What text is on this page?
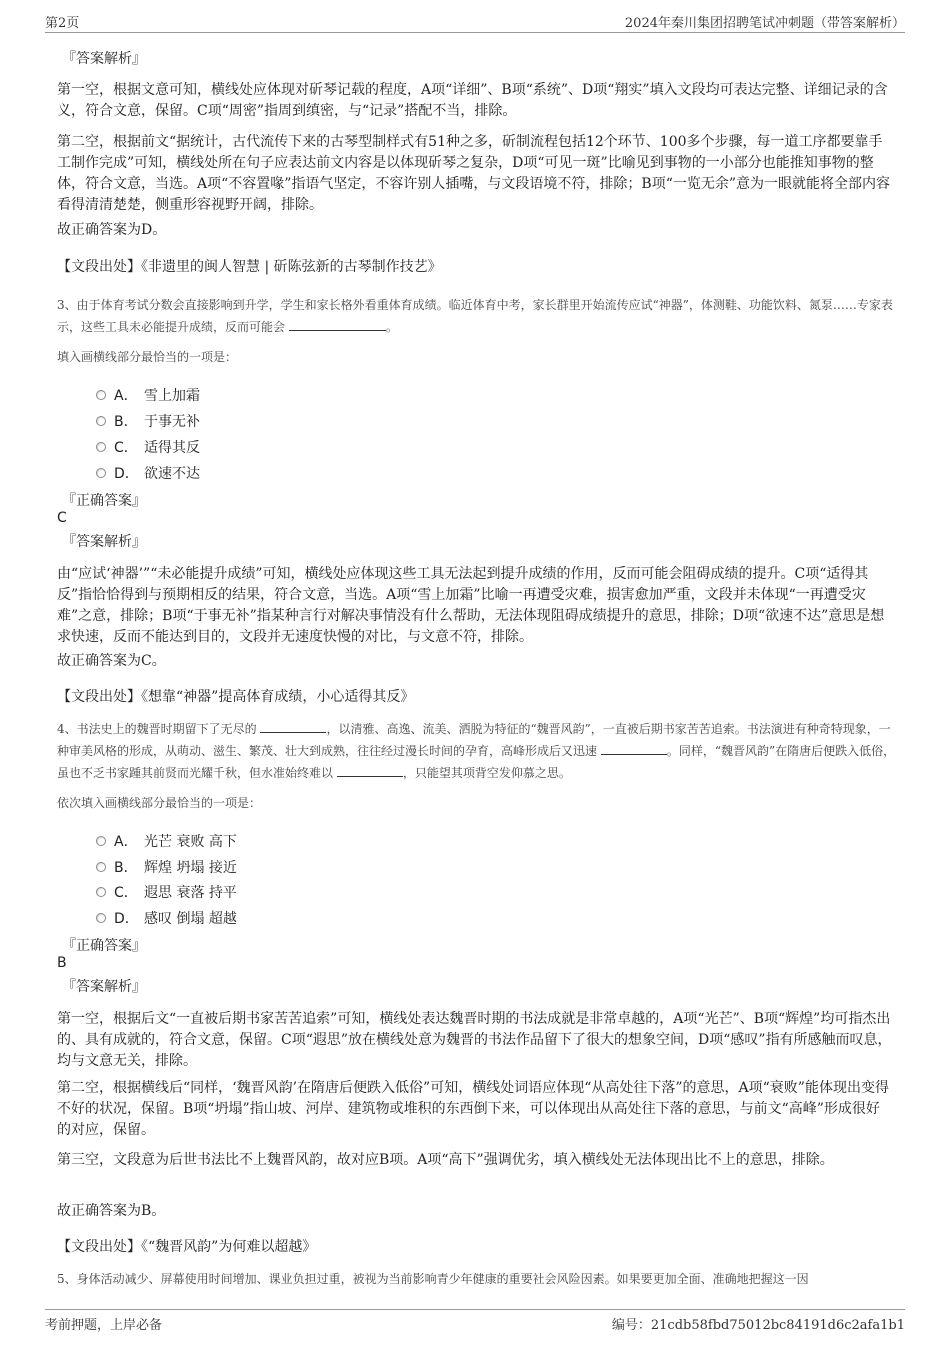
第2页	2024年秦川集团招聘笔试冲刺题（带答案解析）
『答案解析』
第一空，根据文意可知，横线处应体现对斫琴记载的程度，A项“详细”、B项“系统”、D项“翔实”填入文段均可表达完整、详细记录的含义，符合文意，保留。C项“周密”指周到缜密，与“记录”搭配不当，排除。
第二空，根据前文“据统计，古代流传下来的古琴型制样式有51种之多，斫制流程包括12个环节、100多个步骤，每一道工序都要靠手工制作完成”可知，横线处所在句子应表达前文内容是以体现斫琴之复杂，D项“可见一斑”比喻见到事物的一小部分也能推知事物的整体，符合文意，当选。A项“不容置喙”指语气坚定，不容许别人插嘴，与文段语境不符，排除；B项“一览无余”意为一眼就能将全部内容看得清清楚楚，侧重形容视野开阔，排除。
故正确答案为D。
【文段出处】《非遗里的闽人智慧 | 斫陈弦新的古琴制作技艺》
3、由于体育考试分数会直接影响到升学，学生和家长格外看重体育成绩。临近体育中考，家长群里开始流传应试“神器”，体测鞋、功能饮料、氮泵……专家表示，这些工具未必能提升成绩，反而可能会	。
填入画横线部分最恰当的一项是：
A． 雪上加霜
B． 于事无补
C． 适得其反
D． 欲速不达
『正确答案』
C
『答案解析』
由“应试‘神器’”“未必能提升成绩”可知，横线处应体现这些工具无法起到提升成绩的作用，反而可能会阻碍成绩的提升。C项“适得其反”指恰恰得到与预期相反的结果，符合文意，当选。A项“雪上加霜”比喻一再遭受灾难，损害愈加严重，文段并未体现“一再遭受灾难”之意，排除；B项“于事无补”指某种言行对解决事情没有什么帮助，无法体现阻碍成绩提升的意思，排除；D项“欲速不达”意思是想求快速，反而不能达到目的，文段并无速度快慢的对比，与文意不符，排除。
故正确答案为C。
【文段出处】《想靠“神器”提高体育成绩，小心适得其反》
4、书法史上的魏晋时期留下了无尽的	，以清雅、高逸、流美、洒脱为特征的“魏晋风韵”，一直被后期书家苦苦追索。书法演进有种奇特现象，一种审美风格的形成，从萌动、滋生、繁茂、壮大到成熟，往往经过漫长时间的孕育，高峰形成后又迅速	。同样，“魏晋风韵”在隋唐后便跌入低俗，虽也不乏书家踵其前贤而光耀千秋，但水准始终难以	，只能望其项背空发仰慕之思。
依次填入画横线部分最恰当的一项是：
A． 光芒 衰败 高下
B． 辉煌 坍塌 接近
C． 遐思 衰落 持平
D． 感叹 倒塌 超越
『正确答案』
B
『答案解析』
第一空，根据后文“一直被后期书家苦苦追索”可知，横线处表达魏晋时期的书法成就是非常卓越的，A项“光芒”、B项“辉煌”均可指杰出的、具有成就的，符合文意，保留。C项“遐思”放在横线处意为魏晋的书法作品留下了很大的想象空间，D项“感叹”指有所感触而叹息，均与文意无关，排除。
第二空，根据横线后“同样，‘魏晋风韵’在隋唐后便跌入低俗”可知，横线处词语应体现“从高处往下落”的意思，A项“衰败”能体现出变得不好的状况，保留。B项“坍塌”指山坡、河岸、建筑物或堆积的东西倒下来，可以体现出从高处往下落的意思，与前文“高峰”形成很好的对应，保留。
第三空，文段意为后世书法比不上魏晋风韵，故对应B项。A项“高下”强调优劣，填入横线处无法体现出比不上的意思，排除。
故正确答案为B。
【文段出处】《“魏晋风韵”为何难以超越》
5、身体活动减少、屏幕使用时间增加、课业负担过重，被视为当前影响青少年健康的重要社会风险因素。如果要更加全面、准确地把握这一因
考前押题，上岸必备	编号：21cdb58fbd75012bc84191d6c2afa1b1
